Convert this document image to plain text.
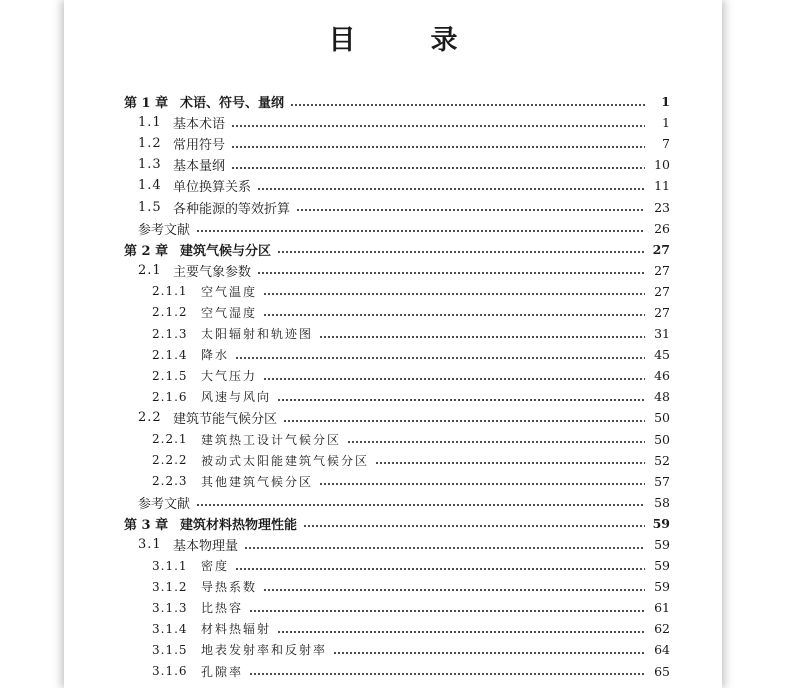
目　录
第 1 章 术语、符号、量纲	1
1.1 基本术语	1
1.2 常用符号	7
1.3 基本量纲	10
1.4 单位换算关系	11
1.5 各种能源的等效折算	23
参考文献	26
第 2 章 建筑气候与分区	27
2.1 主要气象参数	27
2.1.1	空气温度	27
2.1.2	空气湿度	27
2.1.3	太阳辐射和轨迹图	31
2.1.4	降水	45
2.1.5	大气压力	46
2.1.6	风速与风向	48
2.2 建筑节能气候分区	50
2.2.1	建筑热工设计气候分区	50
2.2.2	被动式太阳能建筑气候分区	52
2.2.3	其他建筑气候分区	57
参考文献	58
第 3 章 建筑材料热物理性能	59
3.1 基本物理量	59
3.1.1	密度	59
3.1.2	导热系数	59
3.1.3	比热容	61
3.1.4	材料热辐射	62
3.1.5	地表发射率和反射率	64
3.1.6	孔隙率	65
